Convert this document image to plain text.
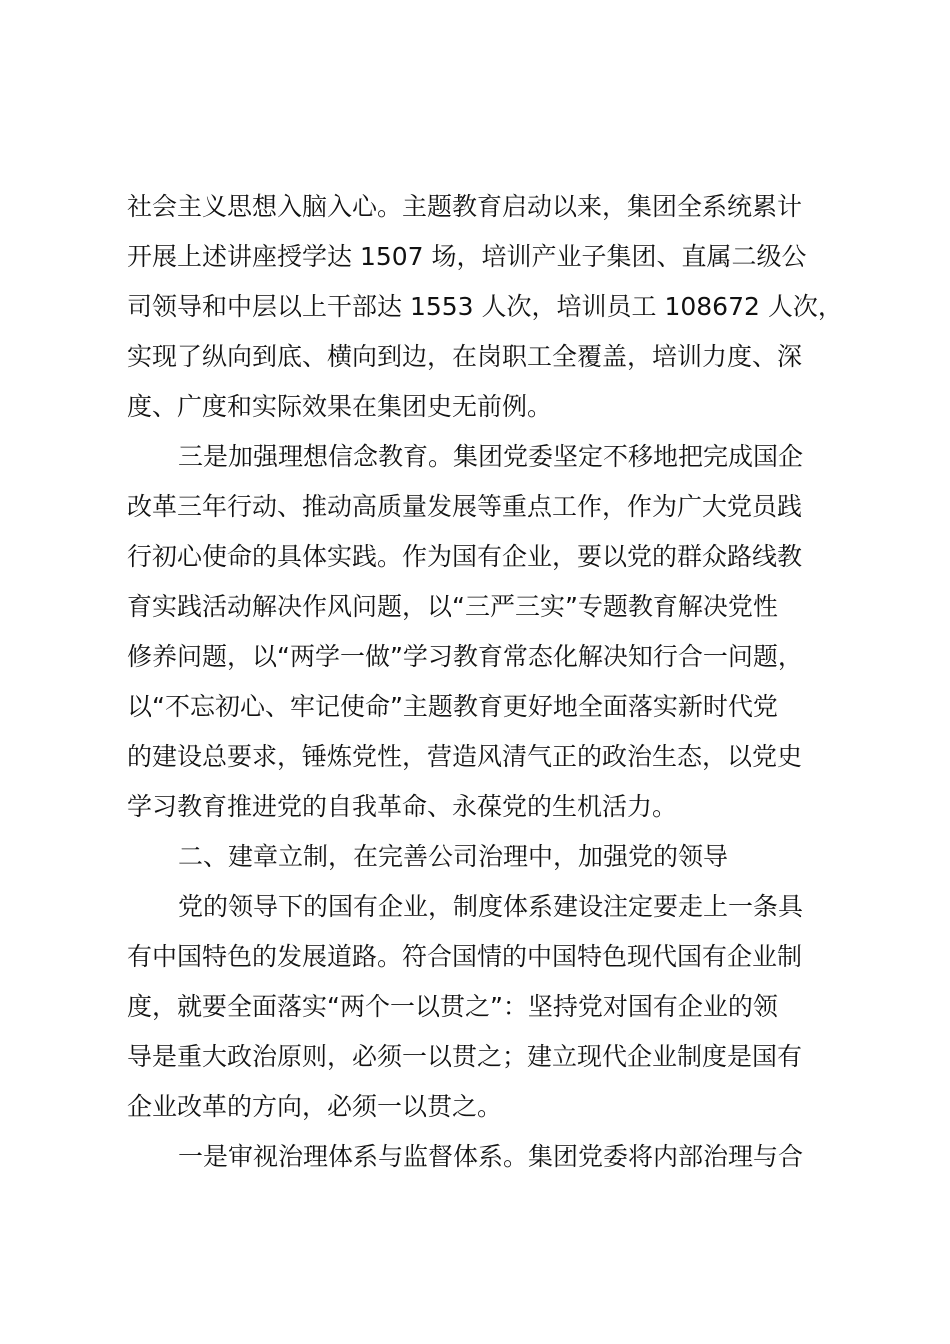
社会主义思想入脑入心。主题教育启动以来，集团全系统累计

开展上述讲座授学达 1507 场，培训产业子集团、直属二级公

司领导和中层以上干部达 1553 人次，培训员工 108672 人次，

实现了纵向到底、横向到边，在岗职工全覆盖，培训力度、深

度、广度和实际效果在集团史无前例。

三是加强理想信念教育。集团党委坚定不移地把完成国企

改革三年行动、推动高质量发展等重点工作，作为广大党员践

行初心使命的具体实践。作为国有企业，要以党的群众路线教

育实践活动解决作风问题，以“三严三实”专题教育解决党性

修养问题，以“两学一做”学习教育常态化解决知行合一问题，

以“不忘初心、牢记使命”主题教育更好地全面落实新时代党

的建设总要求，锤炼党性，营造风清气正的政治生态，以党史

学习教育推进党的自我革命、永葆党的生机活力。

二、建章立制，在完善公司治理中，加强党的领导

党的领导下的国有企业，制度体系建设注定要走上一条具

有中国特色的发展道路。符合国情的中国特色现代国有企业制

度，就要全面落实“两个一以贯之”：坚持党对国有企业的领

导是重大政治原则，必须一以贯之；建立现代企业制度是国有

企业改革的方向，必须一以贯之。

一是审视治理体系与监督体系。集团党委将内部治理与合
